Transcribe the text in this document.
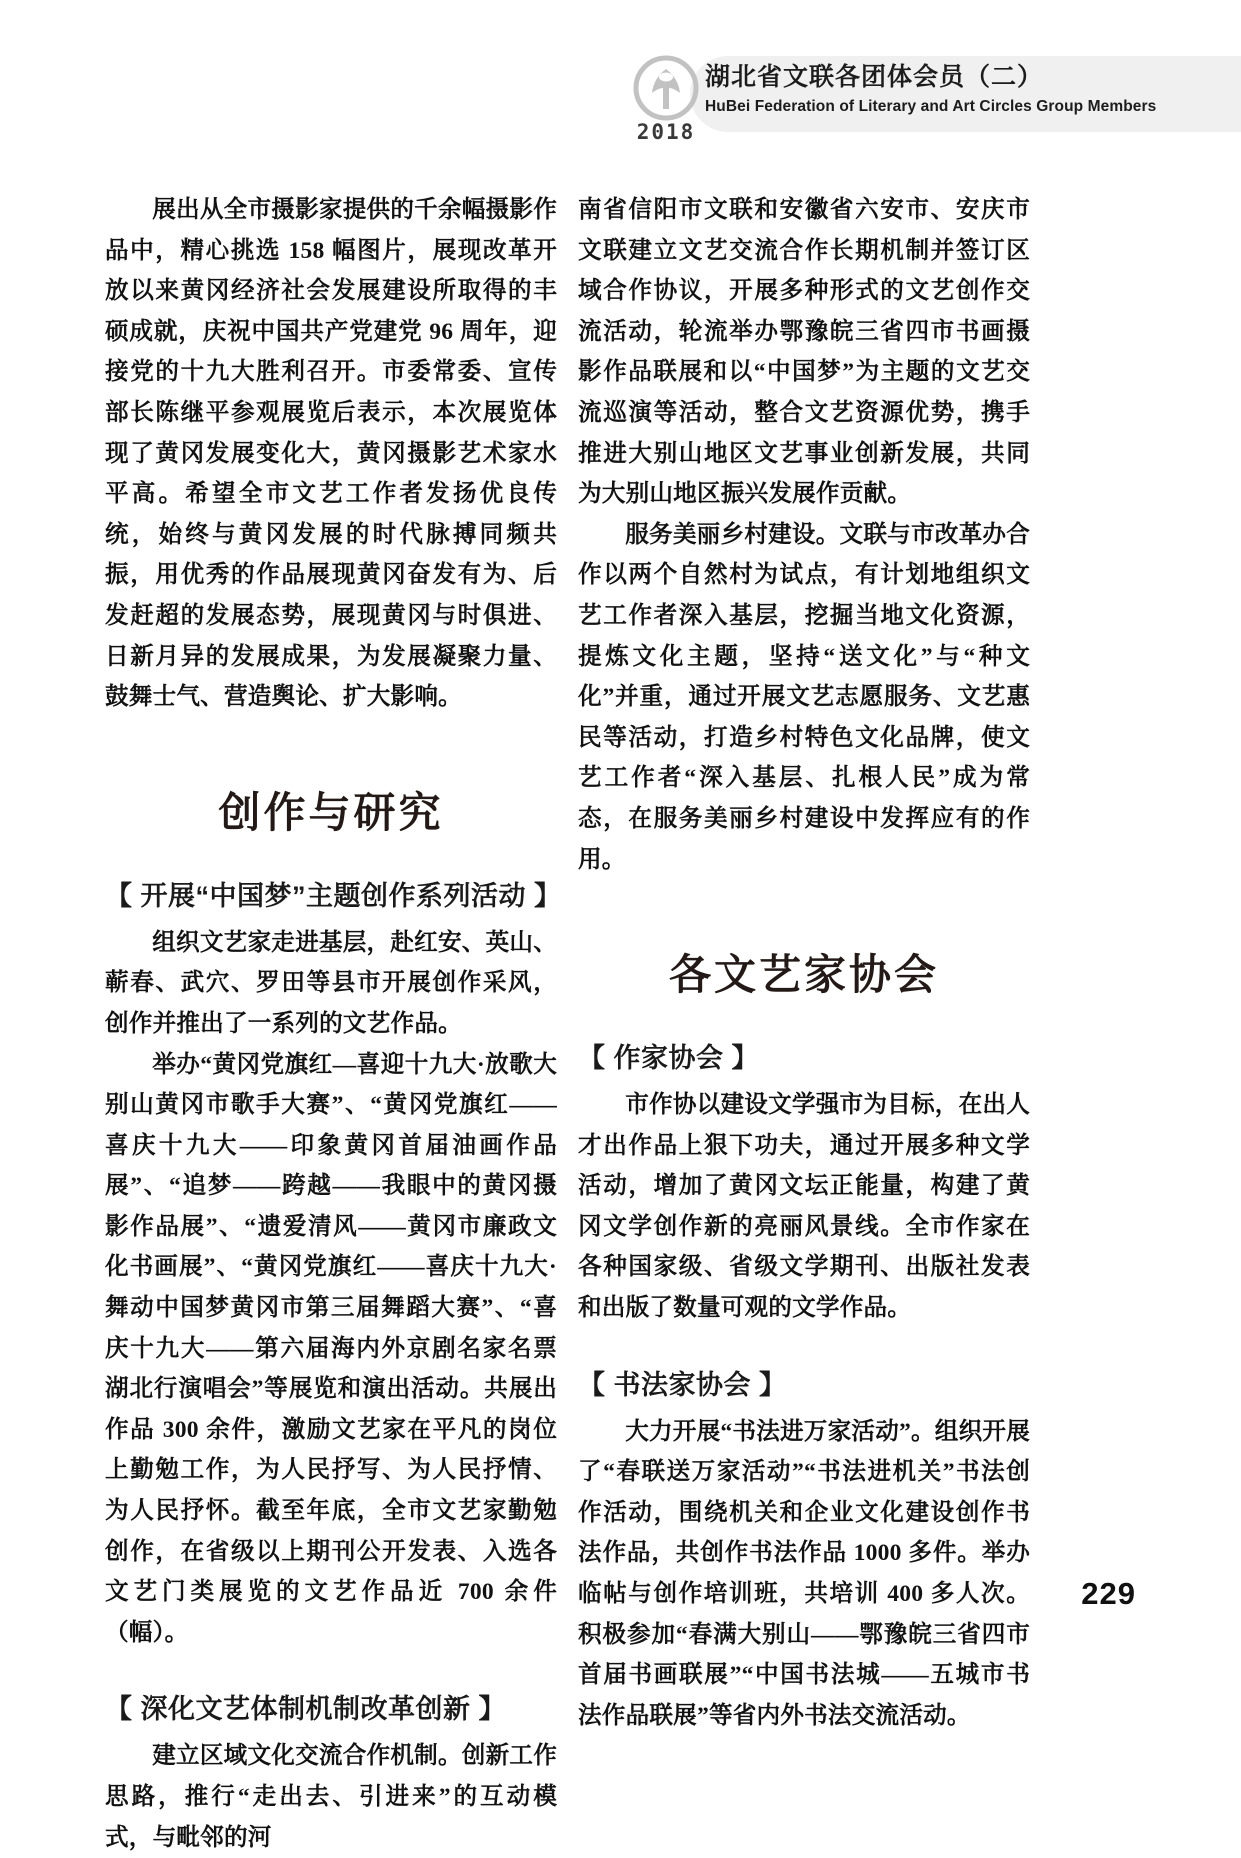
2018
湖北省文联各团体会员（二）
HuBei Federation of Literary and Art Circles Group Members

展出从全市摄影家提供的千余幅摄影作品中，精心挑选 158 幅图片，展现改革开放以来黄冈经济社会发展建设所取得的丰硕成就，庆祝中国共产党建党 96 周年，迎接党的十九大胜利召开。市委常委、宣传部长陈继平参观展览后表示，本次展览体现了黄冈发展变化大，黄冈摄影艺术家水平高。希望全市文艺工作者发扬优良传统，始终与黄冈发展的时代脉搏同频共振，用优秀的作品展现黄冈奋发有为、后发赶超的发展态势，展现黄冈与时俱进、日新月异的发展成果，为发展凝聚力量、鼓舞士气、营造舆论、扩大影响。

创作与研究
【 开展“中国梦”主题创作系列活动 】

组织文艺家走进基层，赴红安、英山、蕲春、武穴、罗田等县市开展创作采风，创作并推出了一系列的文艺作品。

举办“黄冈党旗红—喜迎十九大·放歌大别山黄冈市歌手大赛”、“黄冈党旗红——喜庆十九大——印象黄冈首届油画作品展”、“追梦——跨越——我眼中的黄冈摄影作品展”、“遗爱清风——黄冈市廉政文化书画展”、“黄冈党旗红——喜庆十九大·舞动中国梦黄冈市第三届舞蹈大赛”、“喜庆十九大——第六届海内外京剧名家名票湖北行演唱会”等展览和演出活动。共展出作品 300 余件，激励文艺家在平凡的岗位上勤勉工作，为人民抒写、为人民抒情、为人民抒怀。截至年底，全市文艺家勤勉创作，在省级以上期刊公开发表、入选各文艺门类展览的文艺作品近 700 余件（幅）。

【 深化文艺体制机制改革创新 】

建立区域文化交流合作机制。创新工作思路，推行“走出去、引进来”的互动模式，与毗邻的河

南省信阳市文联和安徽省六安市、安庆市文联建立文艺交流合作长期机制并签订区域合作协议，开展多种形式的文艺创作交流活动，轮流举办鄂豫皖三省四市书画摄影作品联展和以“中国梦”为主题的文艺交流巡演等活动，整合文艺资源优势，携手推进大别山地区文艺事业创新发展，共同为大别山地区振兴发展作贡献。

服务美丽乡村建设。文联与市改革办合作以两个自然村为试点，有计划地组织文艺工作者深入基层，挖掘当地文化资源，提炼文化主题，坚持“送文化”与“种文化”并重，通过开展文艺志愿服务、文艺惠民等活动，打造乡村特色文化品牌，使文艺工作者“深入基层、扎根人民”成为常态，在服务美丽乡村建设中发挥应有的作用。

各文艺家协会
【 作家协会 】

市作协以建设文学强市为目标，在出人才出作品上狠下功夫，通过开展多种文学活动，增加了黄冈文坛正能量，构建了黄冈文学创作新的亮丽风景线。全市作家在各种国家级、省级文学期刊、出版社发表和出版了数量可观的文学作品。

【 书法家协会 】

大力开展“书法进万家活动”。组织开展了“春联送万家活动”“书法进机关”书法创作活动，围绕机关和企业文化建设创作书法作品，共创作书法作品 1000 多件。举办临帖与创作培训班，共培训 400 多人次。积极参加“春满大别山——鄂豫皖三省四市首届书画联展”“中国书法城——五城市书法作品联展”等省内外书法交流活动。

229
